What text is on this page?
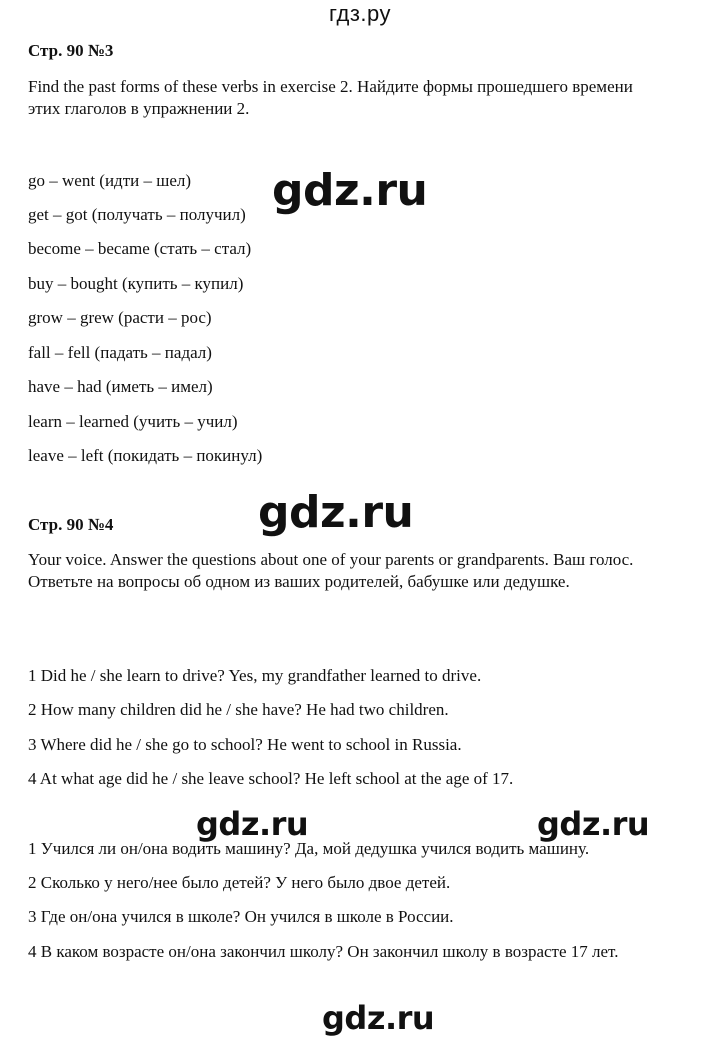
гдз.ру
Стр. 90 №3
Find the past forms of these verbs in exercise 2. Найдите формы прошедшего времени этих глаголов в упражнении 2.
go – went (идти – шел)
get – got (получать – получил)
become – became (стать – стал)
buy – bought (купить – купил)
grow – grew (расти – рос)
fall – fell (падать – падал)
have – had (иметь – имел)
learn – learned (учить – учил)
leave – left (покидать – покинул)
Стр. 90 №4
Your voice. Answer the questions about one of your parents or grandparents. Ваш голос. Ответьте на вопросы об одном из ваших родителей, бабушке или дедушке.
1 Did he / she learn to drive? Yes, my grandfather learned to drive.
2 How many children did he / she have? He had two children.
3 Where did he / she go to school? He went to school in Russia.
4 At what age did he / she leave school? He left school at the age of 17.
1 Учился ли он/она водить машину? Да, мой дедушка учился водить машину.
2 Сколько у него/нее было детей? У него было двое детей.
3 Где он/она учился в школе? Он учился в школе в России.
4 В каком возрасте он/она закончил школу? Он закончил школу в возрасте 17 лет.
gdz.ru
gdz.ru
gdz.ru	gdz.ru
gdz.ru
